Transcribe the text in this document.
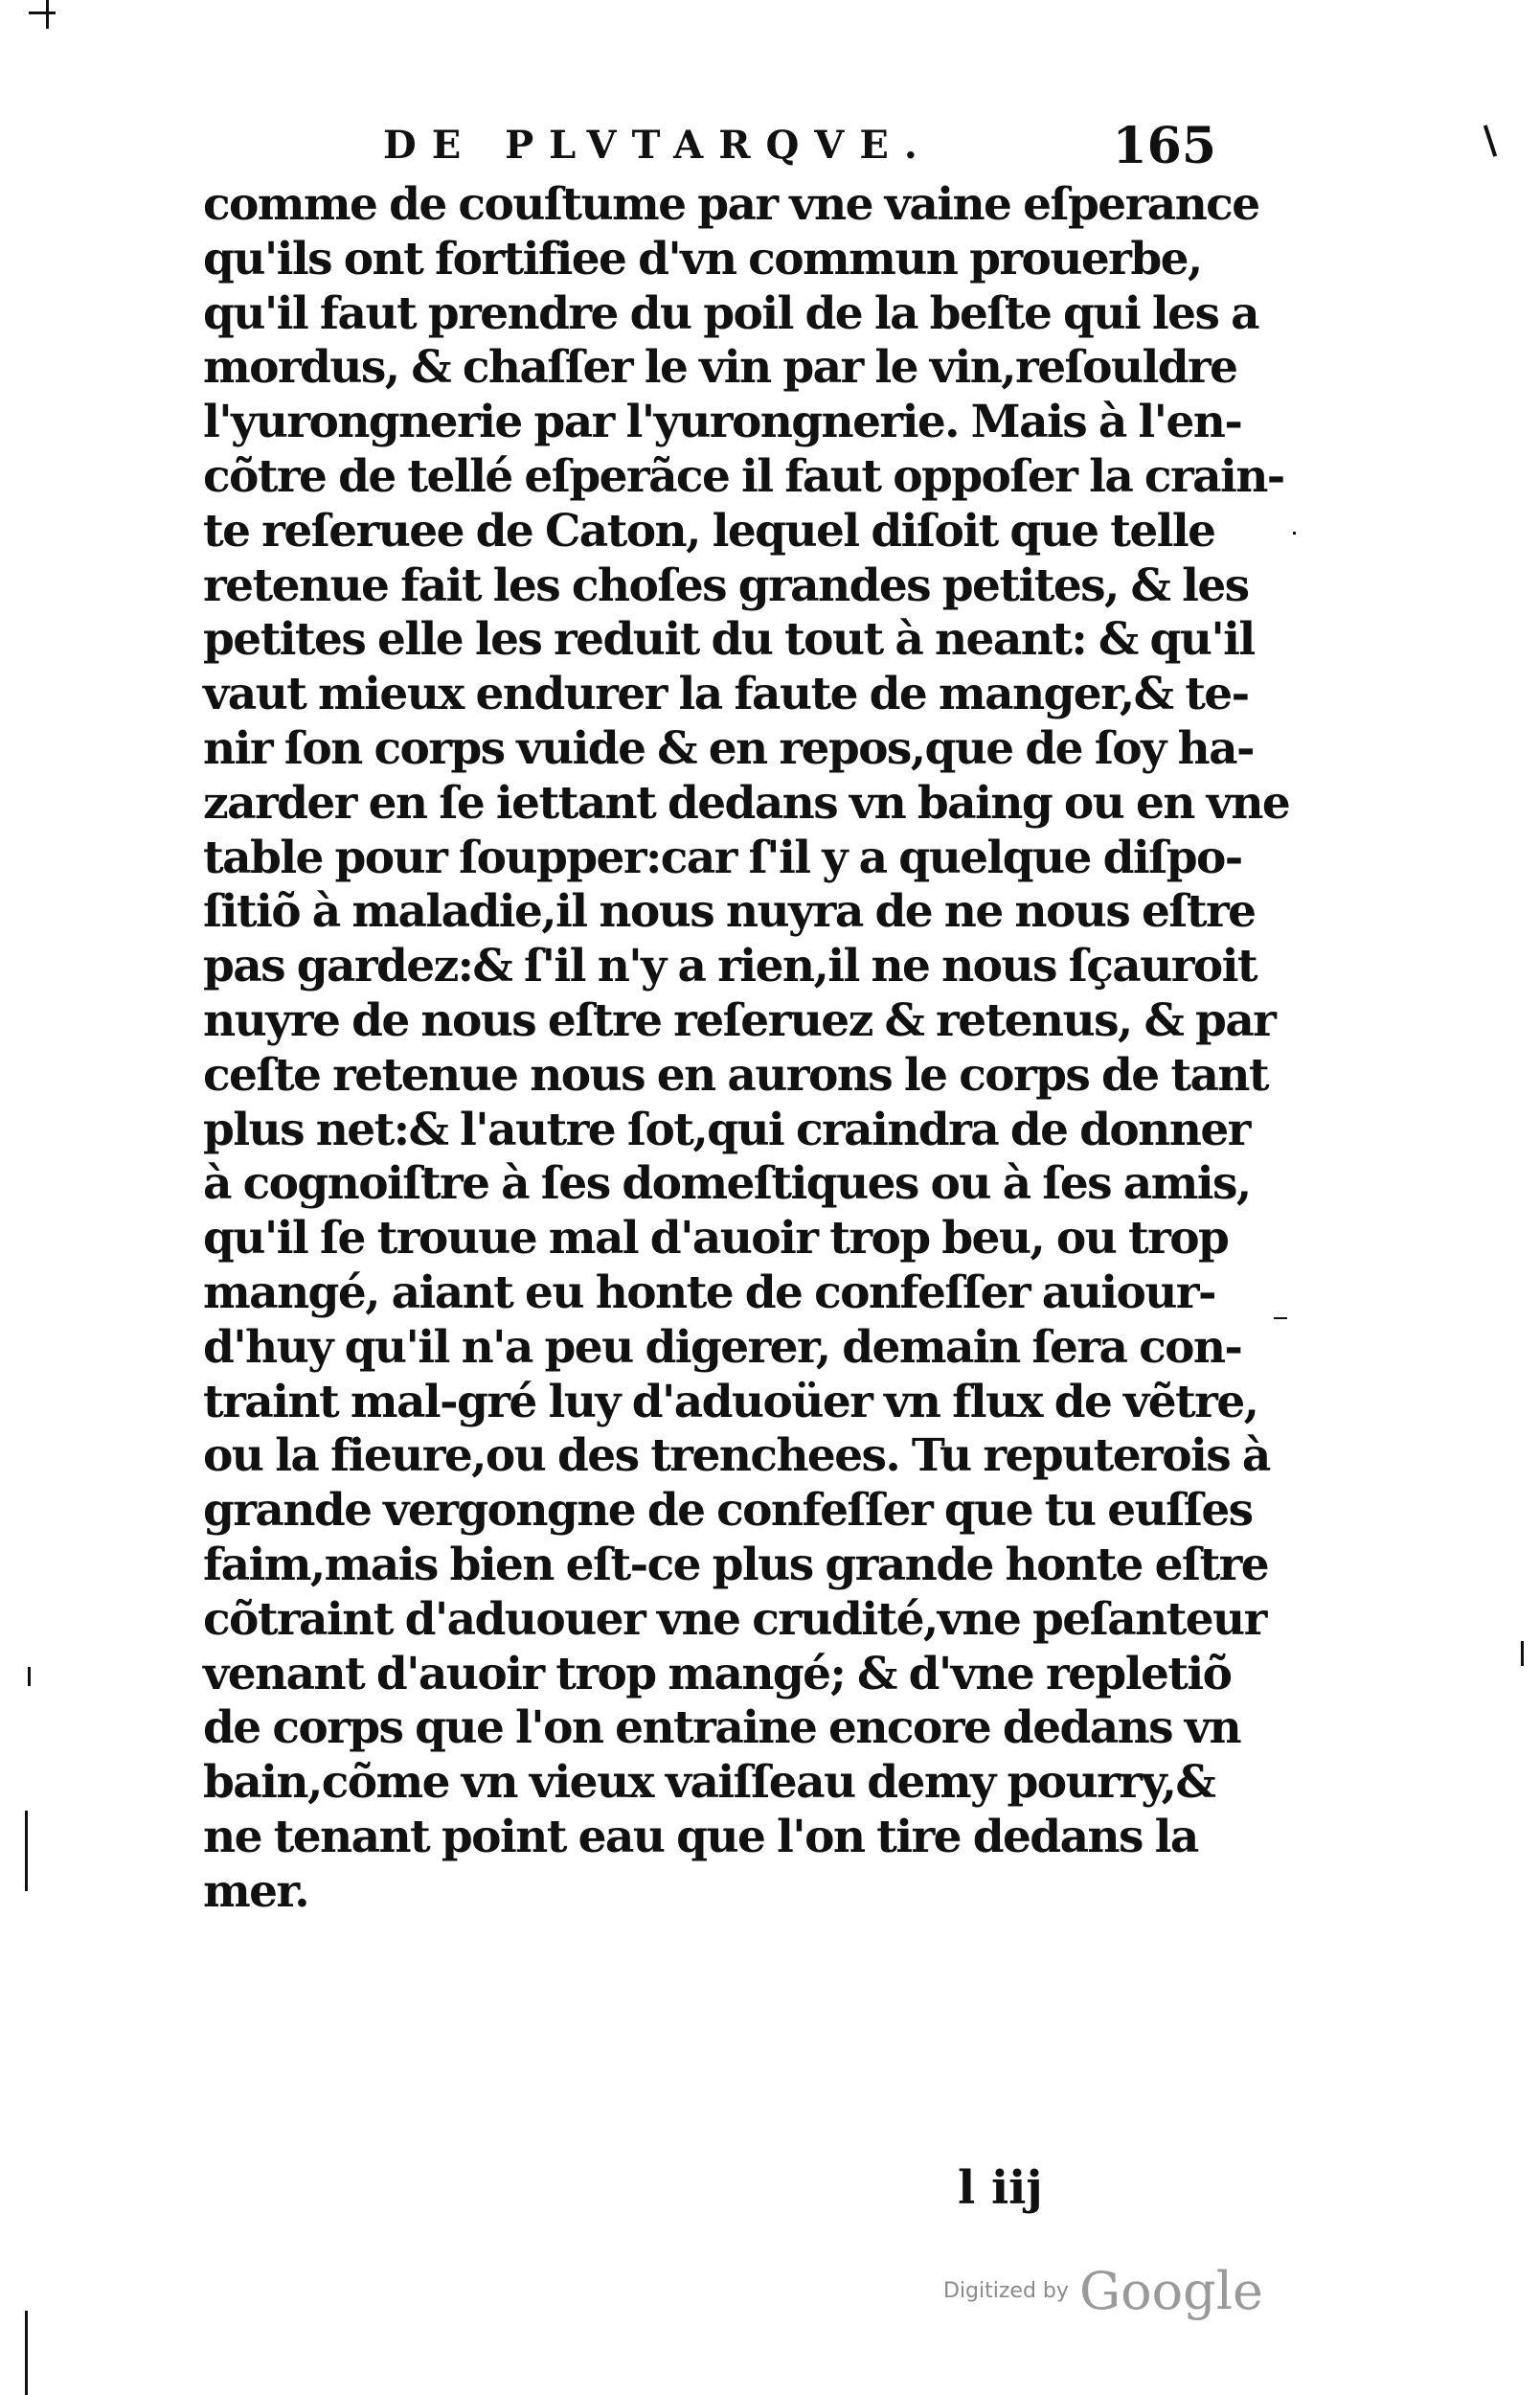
DE PLVTARQVE.	165
comme de couſtume par vne vaine eſperance
qu'ils ont fortifiee d'vn commun prouerbe,
qu'il faut prendre du poil de la beſte qui les a
mordus, & chaſſer le vin par le vin,reſouldre
l'yurongnerie par l'yurongnerie. Mais à l'en-
cõtre de tellé eſperãce il faut oppoſer la crain-
te reſeruee de Caton, lequel diſoit que telle
retenue fait les choſes grandes petites, & les
petites elle les reduit du tout à neant: & qu'il
vaut mieux endurer la faute de manger,& te-
nir ſon corps vuide & en repos,que de ſoy ha-
zarder en ſe iettant dedans vn baing ou en vne
table pour ſoupper:car ſ'il y a quelque diſpo-
ſitiõ à maladie,il nous nuyra de ne nous eſtre
pas gardez:& ſ'il n'y a rien,il ne nous ſçauroit
nuyre de nous eſtre reſeruez & retenus, & par
ceſte retenue nous en aurons le corps de tant
plus net:& l'autre ſot,qui craindra de donner
à cognoiſtre à ſes domeſtiques ou à ſes amis,
qu'il ſe trouue mal d'auoir trop beu, ou trop
mangé, aiant eu honte de confeſſer auiour-
d'huy qu'il n'a peu digerer, demain ſera con-
traint mal-gré luy d'aduoüer vn flux de vẽtre,
ou la fieure,ou des trenchees. Tu reputerois à
grande vergongne de confeſſer que tu euſſes
faim,mais bien eſt-ce plus grande honte eſtre
cõtraint d'aduouer vne crudité,vne peſanteur
venant d'auoir trop mangé; & d'vne repletiõ
de corps que l'on entraine encore dedans vn
bain,cõme vn vieux vaiſſeau demy pourry,&
ne tenant point eau que l'on tire dedans la
mer.
l iij
Digitized by Google
